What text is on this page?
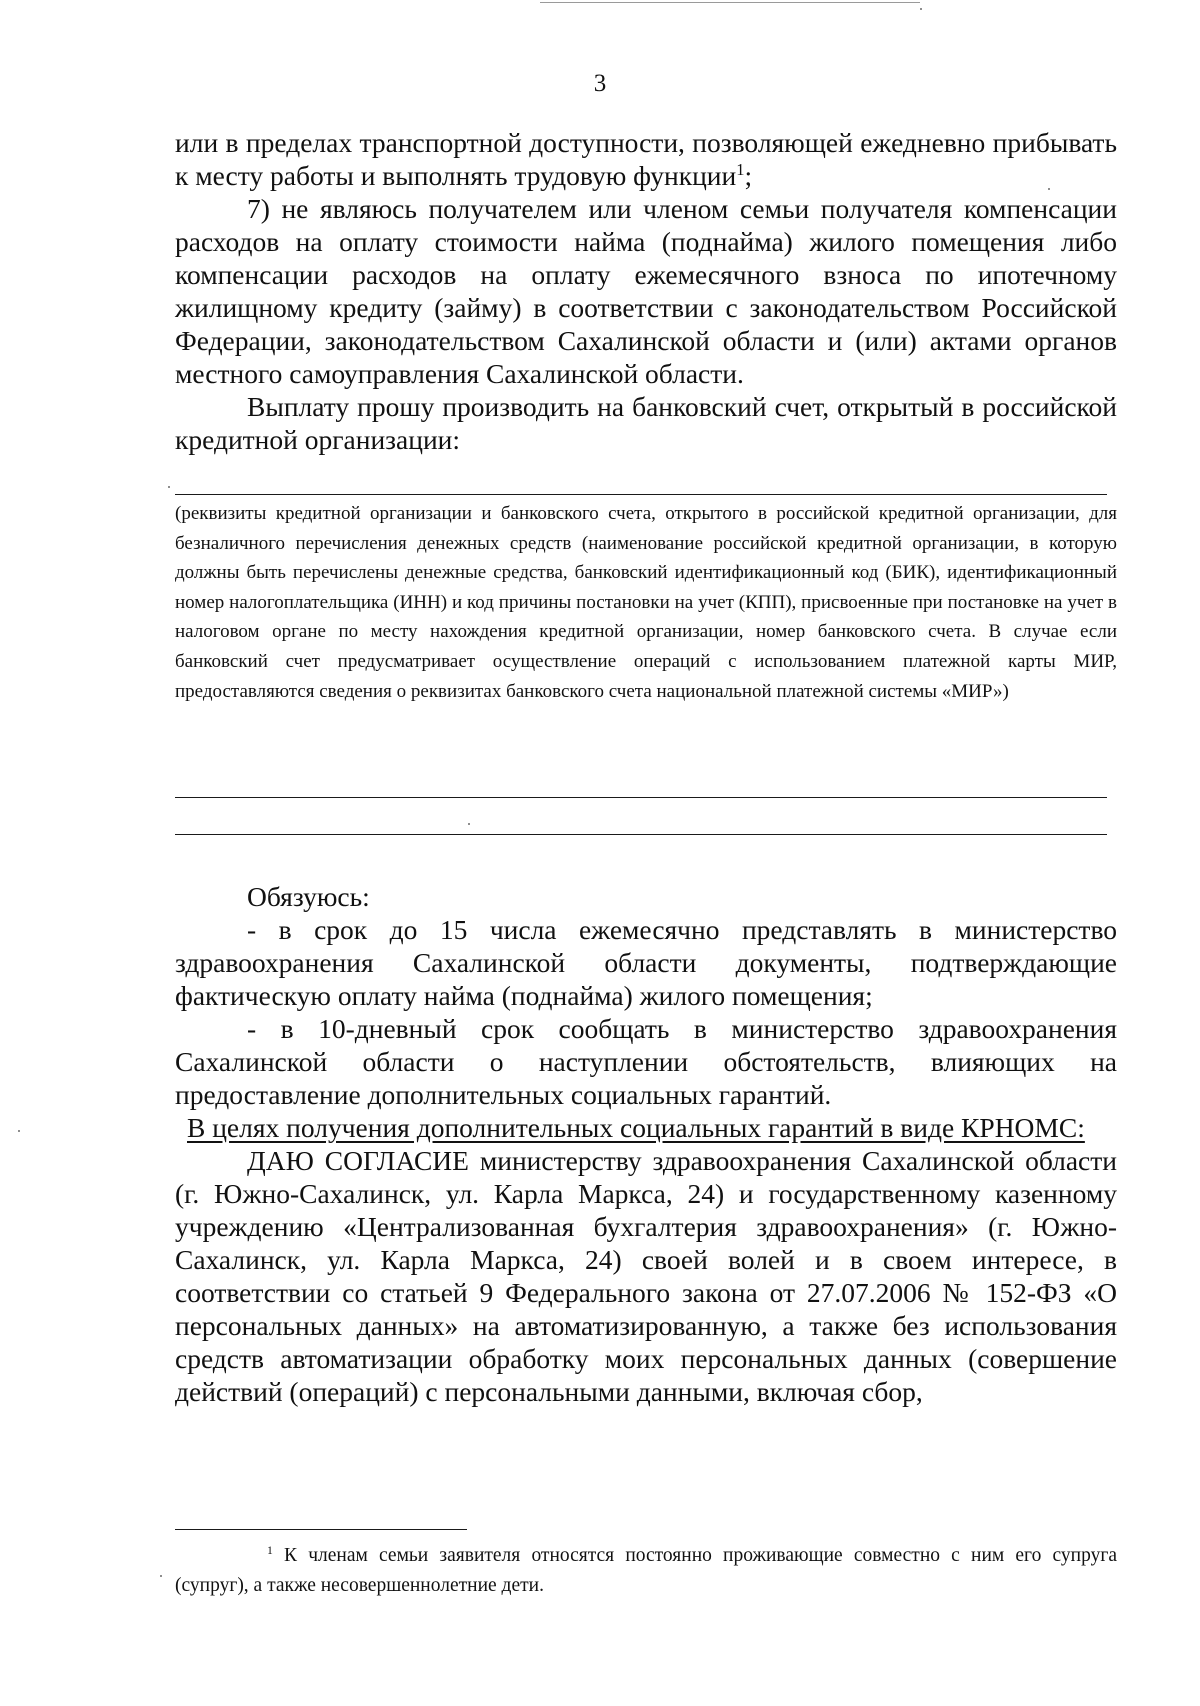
3

или в пределах транспортной доступности, позволяющей ежедневно прибывать к месту работы и выполнять трудовую функции$^1$;

7) не являюсь получателем или членом семьи получателя компенсации расходов на оплату стоимости найма (поднайма) жилого помещения либо компенсации расходов на оплату ежемесячного взноса по ипотечному жилищному кредиту (займу) в соответствии с законодательством Российской Федерации, законодательством Сахалинской области и (или) актами органов местного самоуправления Сахалинской области.

Выплату прошу производить на банковский счет, открытый в российской кредитной организации:

(реквизиты кредитной организации и банковского счета, открытого в российской кредитной организации, для безналичного перечисления денежных средств (наименование российской кредитной организации, в которую должны быть перечислены денежные средства, банковский идентификационный код (БИК), идентификационный номер налогоплательщика (ИНН) и код причины постановки на учет (КПП), присвоенные при постановке на учет в налоговом органе по месту нахождения кредитной организации, номер банковского счета. В случае если банковский счет предусматривает осуществление операций с использованием платежной карты МИР, предоставляются сведения о реквизитах банковского счета национальной платежной системы «МИР»)

Обязуюсь:

- в срок до 15 числа ежемесячно представлять в министерство здравоохранения Сахалинской области документы, подтверждающие фактическую оплату найма (поднайма) жилого помещения;

- в 10-дневный срок сообщать в министерство здравоохранения Сахалинской области о наступлении обстоятельств, влияющих на предоставление дополнительных социальных гарантий.

В целях получения дополнительных социальных гарантий в виде КРНОМС:

ДАЮ СОГЛАСИЕ министерству здравоохранения Сахалинской области (г. Южно-Сахалинск, ул. Карла Маркса, 24) и государственному казенному учреждению «Централизованная бухгалтерия здравоохранения» (г. Южно-Сахалинск, ул. Карла Маркса, 24) своей волей и в своем интересе, в соответствии со статьей 9 Федерального закона от 27.07.2006 № 152-ФЗ «О персональных данных» на автоматизированную, а также без использования средств автоматизации обработку моих персональных данных (совершение действий (операций) с персональными данными, включая сбор,

$^1$ К членам семьи заявителя относятся постоянно проживающие совместно с ним его супруга (супруг), а также несовершеннолетние дети.
